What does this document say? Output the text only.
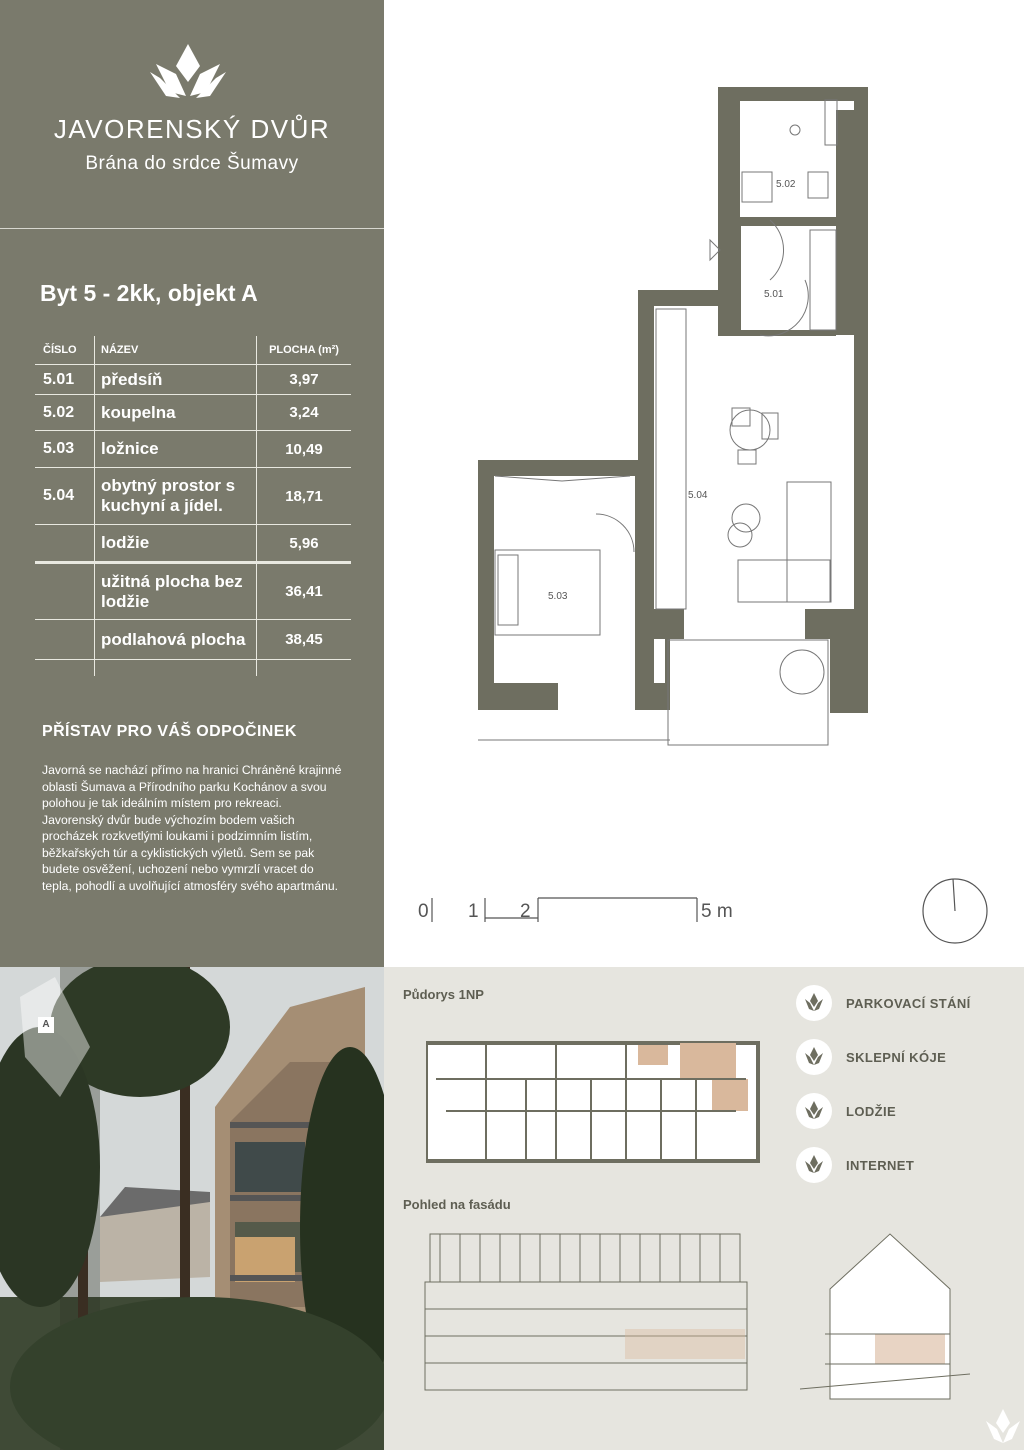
JAVORENSKÝ DVŮR
Brána do srdce Šumavy
Byt 5 - 2kk, objekt A
ČÍSLO	NÁZEV	PLOCHA (m²)
5.01	předsíň	3,97
5.02	koupelna	3,24
5.03	ložnice	10,49
5.04	obytný prostor s kuchyní a jídel.	18,71
	lodžie	5,96
	užitná plocha bez lodžie	36,41
	podlahová plocha	38,45

PŘÍSTAV PRO VÁŠ ODPOČINEK
Javorná se nachází přímo na hranici Chráněné krajinné oblasti Šumava a Přírodního parku Kochánov a svou polohou je tak ideálním místem pro rekreaci. Javorenský dvůr bude výchozím bodem vašich procházek rozkvetlými loukami i podzimním listím, běžkařských túr a cyklistických výletů. Sem se pak budete osvěžení, uchození nebo vymrzlí vracet do tepla, pohodlí a uvolňující atmosféry svého apartmánu.
5.02
5.01
5.03
5.04
0 1 2	5 m
A
Půdorys 1NP
Pohled na fasádu
PARKOVACÍ STÁNÍ
SKLEPNÍ KÓJE
LODŽIE
INTERNET
